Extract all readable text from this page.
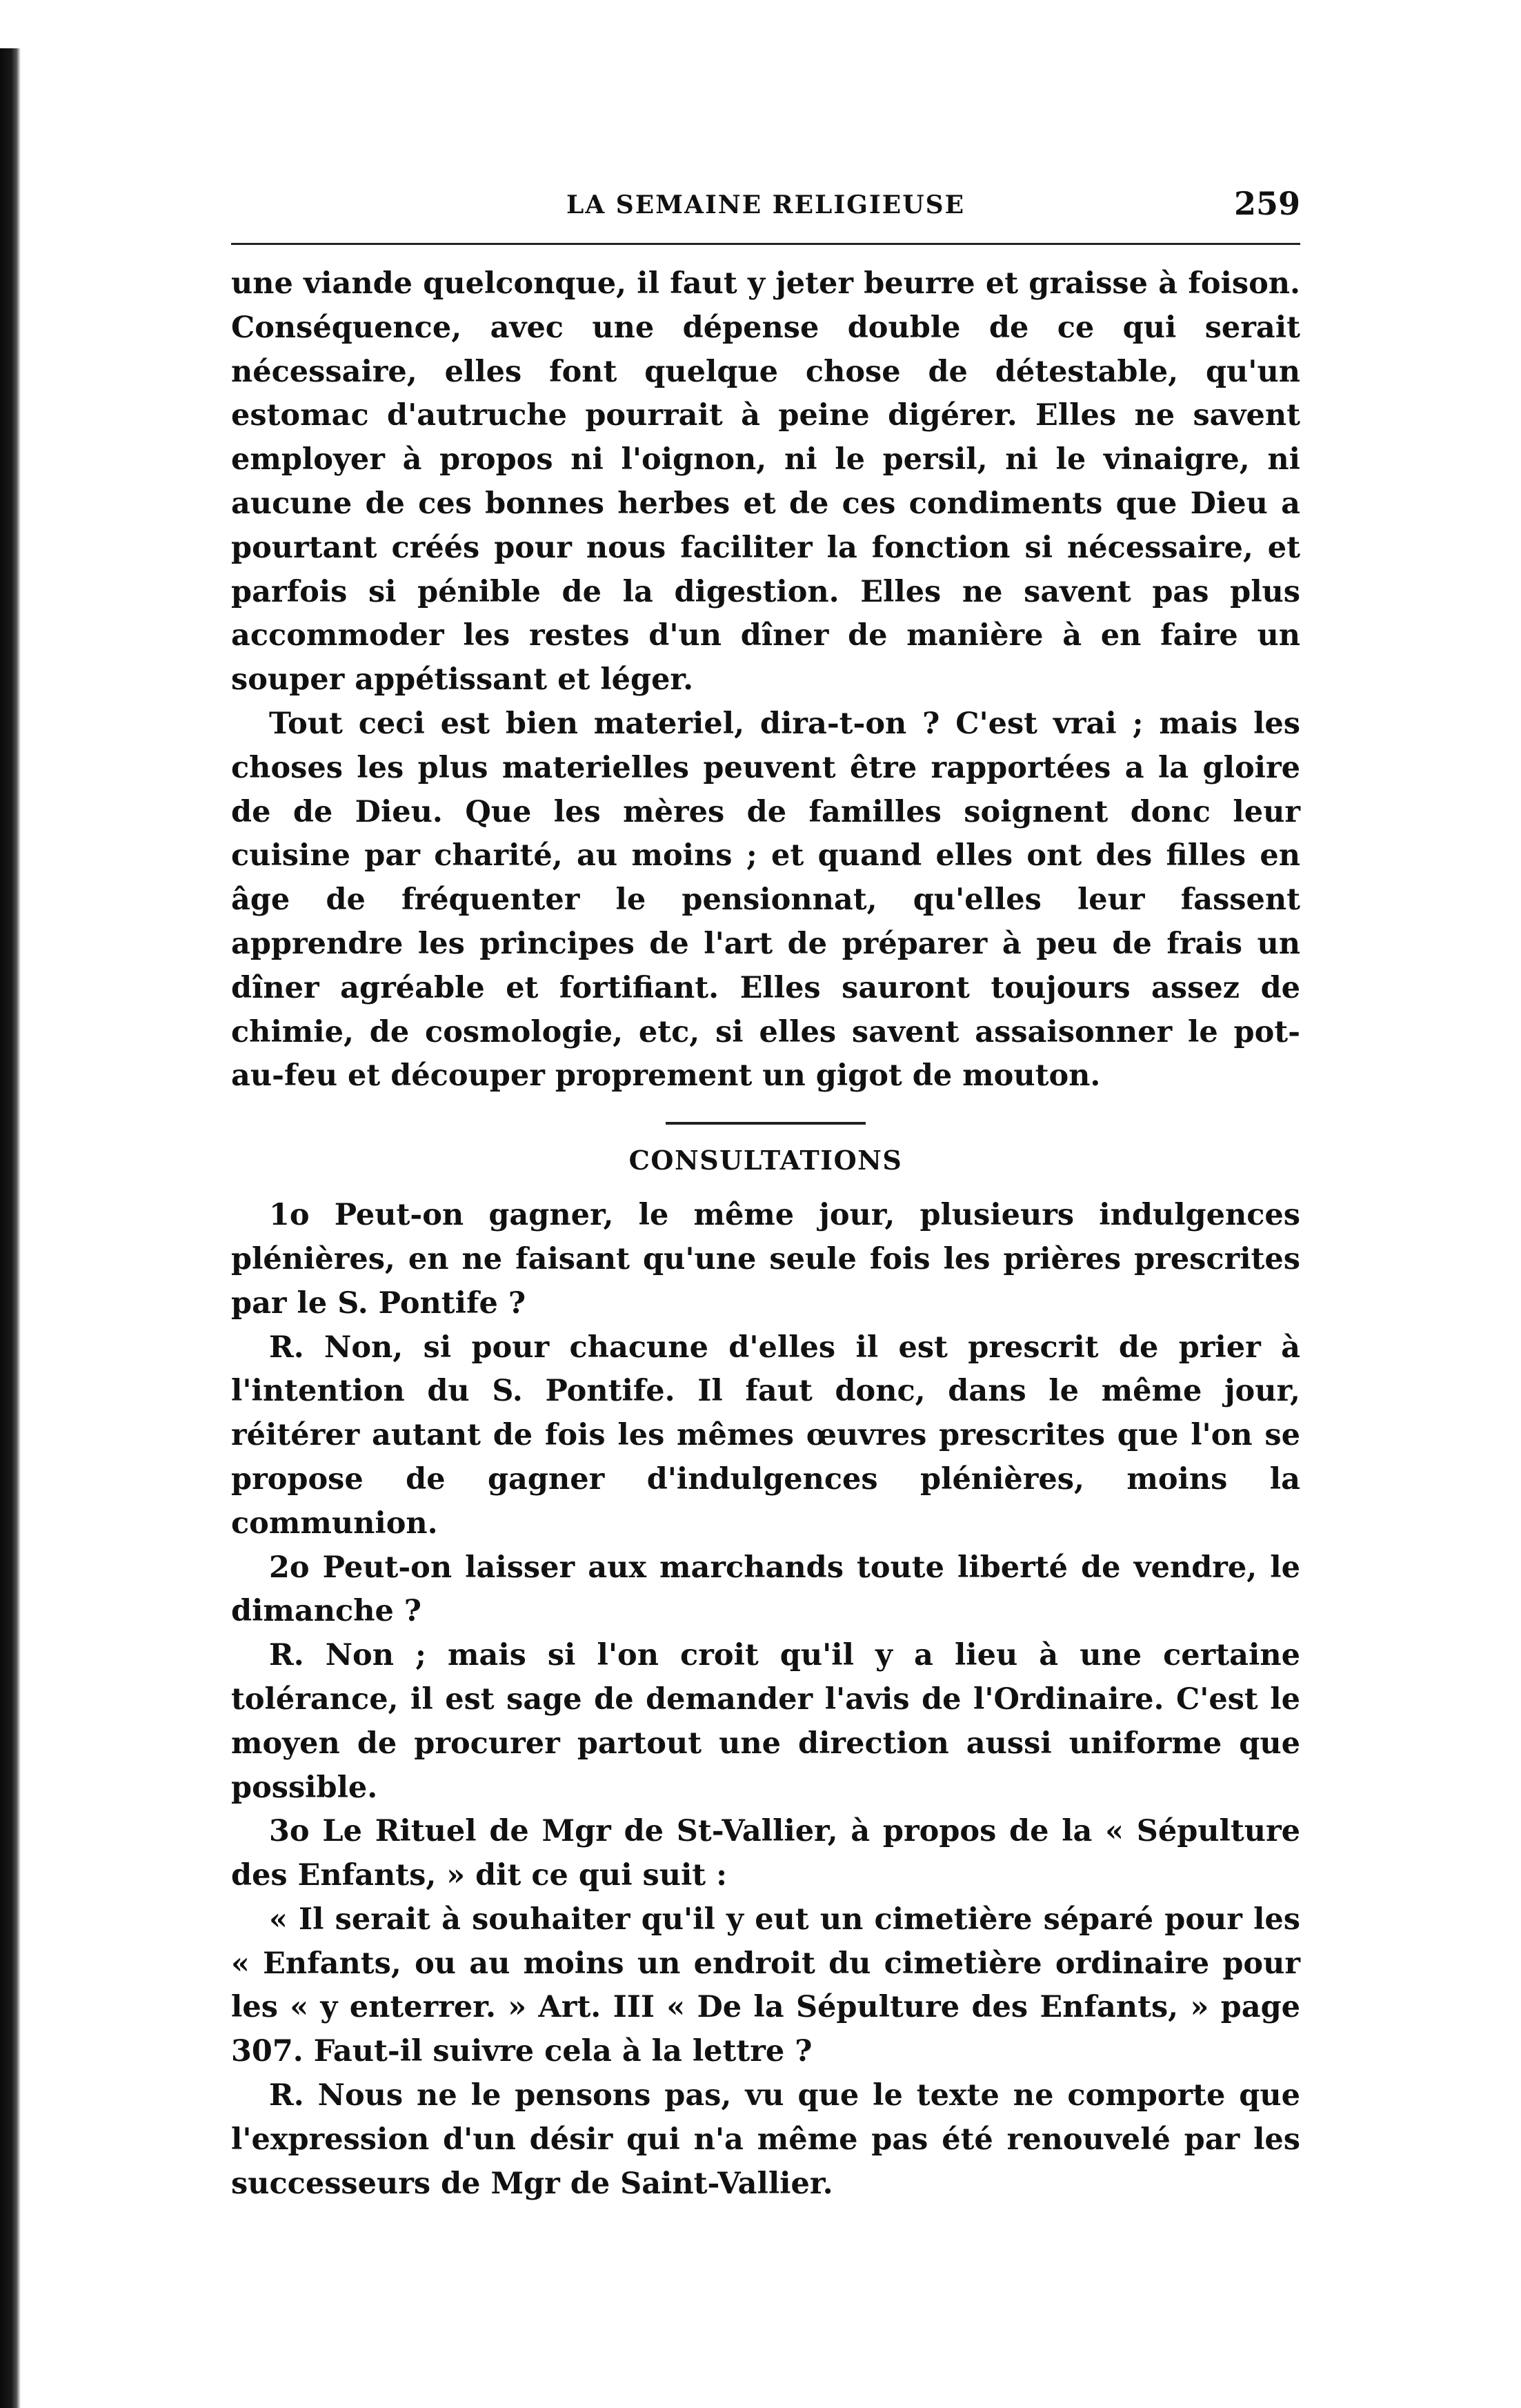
LA SEMAINE RELIGIEUSE	259

une viande quelconque, il faut y jeter beurre et graisse à foison. Conséquence, avec une dépense double de ce qui serait nécessaire, elles font quelque chose de détestable, qu'un estomac d'autruche pourrait à peine digérer. Elles ne savent employer à propos ni l'oignon, ni le persil, ni le vinaigre, ni aucune de ces bonnes herbes et de ces condiments que Dieu a pourtant créés pour nous faciliter la fonction si nécessaire, et parfois si pénible de la digestion. Elles ne savent pas plus accommoder les restes d'un dîner de manière à en faire un souper appétissant et léger.

Tout ceci est bien materiel, dira-t-on ? C'est vrai ; mais les choses les plus materielles peuvent être rapportées a la gloire de de Dieu. Que les mères de familles soignent donc leur cuisine par charité, au moins ; et quand elles ont des filles en âge de fréquenter le pensionnat, qu'elles leur fassent apprendre les principes de l'art de préparer à peu de frais un dîner agréable et fortifiant. Elles sauront toujours assez de chimie, de cosmologie, etc, si elles savent assaisonner le pot-au-feu et découper proprement un gigot de mouton.

CONSULTATIONS

1o Peut-on gagner, le même jour, plusieurs indulgences plénières, en ne faisant qu'une seule fois les prières prescrites par le S. Pontife ?

R. Non, si pour chacune d'elles il est prescrit de prier à l'intention du S. Pontife. Il faut donc, dans le même jour, réitérer autant de fois les mêmes œuvres prescrites que l'on se propose de gagner d'indulgences plénières, moins la communion.

2o Peut-on laisser aux marchands toute liberté de vendre, le dimanche ?

R. Non ; mais si l'on croit qu'il y a lieu à une certaine tolérance, il est sage de demander l'avis de l'Ordinaire. C'est le moyen de procurer partout une direction aussi uniforme que possible.

3o Le Rituel de Mgr de St-Vallier, à propos de la « Sépulture des Enfants, » dit ce qui suit :

« Il serait à souhaiter qu'il y eut un cimetière séparé pour les « Enfants, ou au moins un endroit du cimetière ordinaire pour les « y enterrer. » Art. III « De la Sépulture des Enfants, » page 307. Faut-il suivre cela à la lettre ?

R. Nous ne le pensons pas, vu que le texte ne comporte que l'expression d'un désir qui n'a même pas été renouvelé par les successeurs de Mgr de Saint-Vallier.
